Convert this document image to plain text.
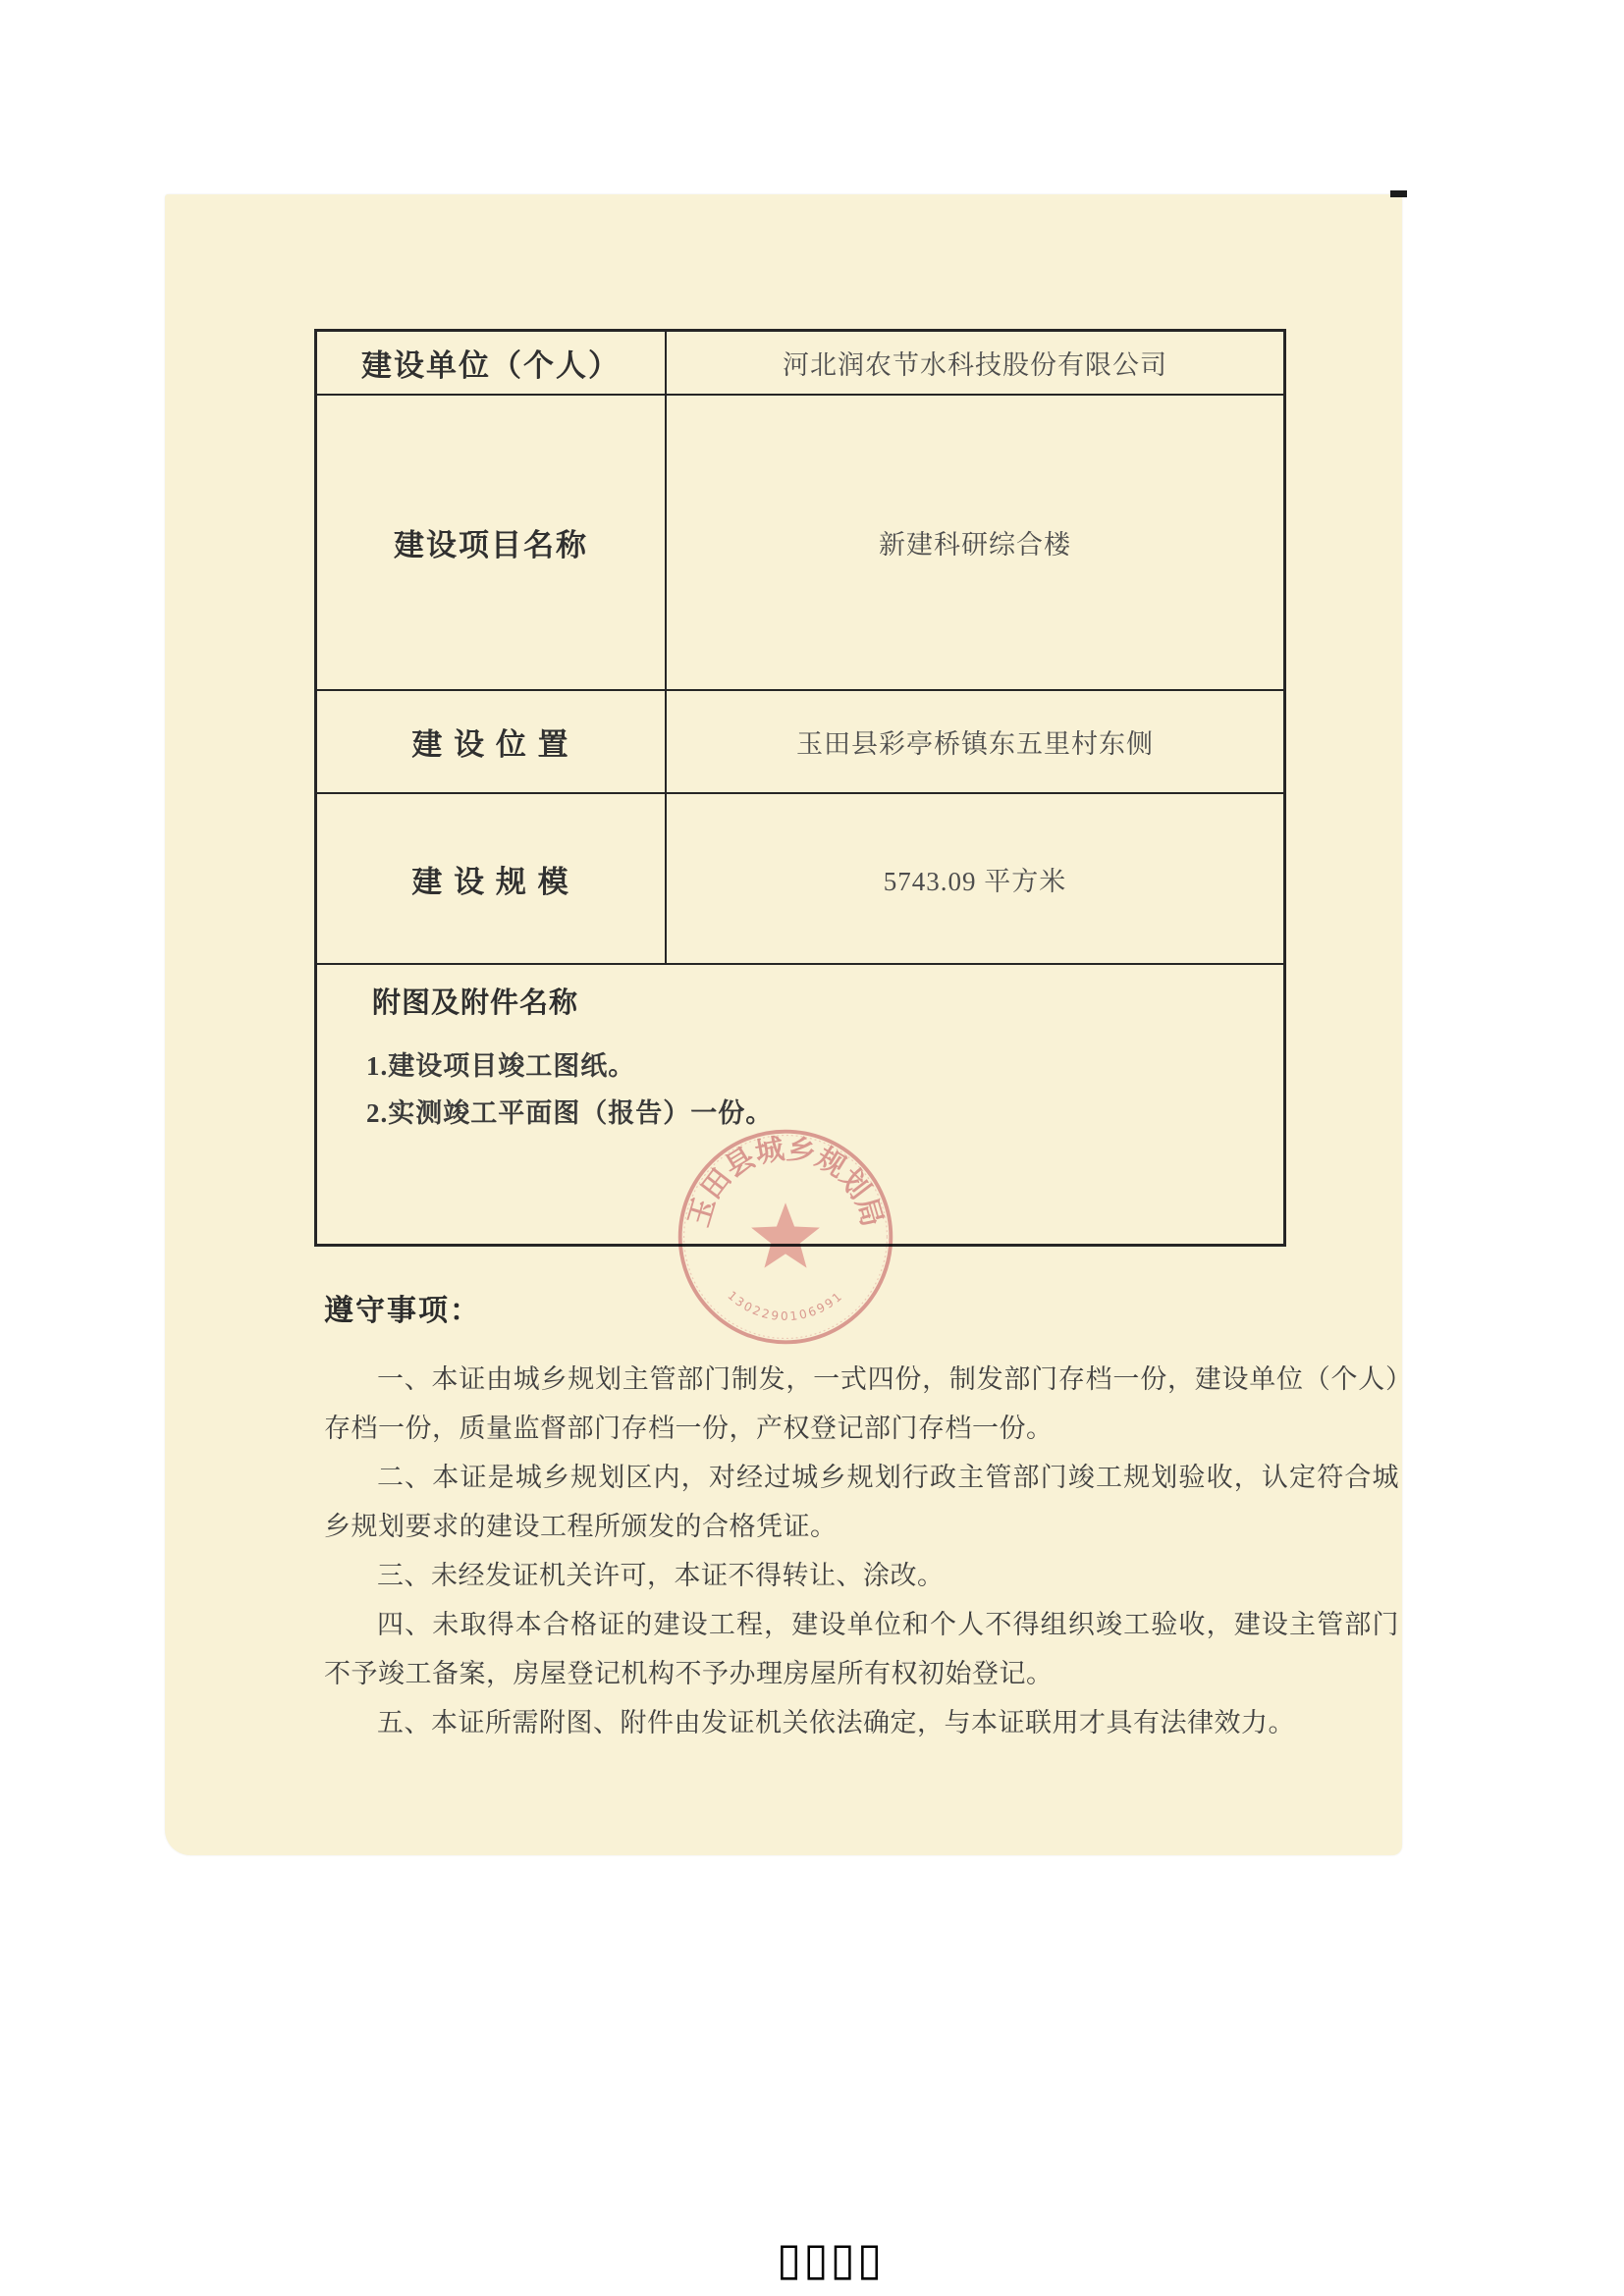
建设单位（个人）	河北润农节水科技股份有限公司
建设项目名称	新建科研综合楼
建 设 位 置	玉田县彩亭桥镇东五里村东侧
建 设 规 模	5743.09 平方米
附图及附件名称
1.建设项目竣工图纸。
2.实测竣工平面图（报告）一份。
玉田县城乡规划局
1302290106991
遵守事项：

一、本证由城乡规划主管部门制发，一式四份，制发部门存档一份，建设单位（个人）存档一份，质量监督部门存档一份，产权登记部门存档一份。

二、本证是城乡规划区内，对经过城乡规划行政主管部门竣工规划验收，认定符合城乡规划要求的建设工程所颁发的合格凭证。

三、未经发证机关许可，本证不得转让、涂改。

四、未取得本合格证的建设工程，建设单位和个人不得组织竣工验收，建设主管部门不予竣工备案，房屋登记机构不予办理房屋所有权初始登记。

五、本证所需附图、附件由发证机关依法确定，与本证联用才具有法律效力。

▯▯▯▯
